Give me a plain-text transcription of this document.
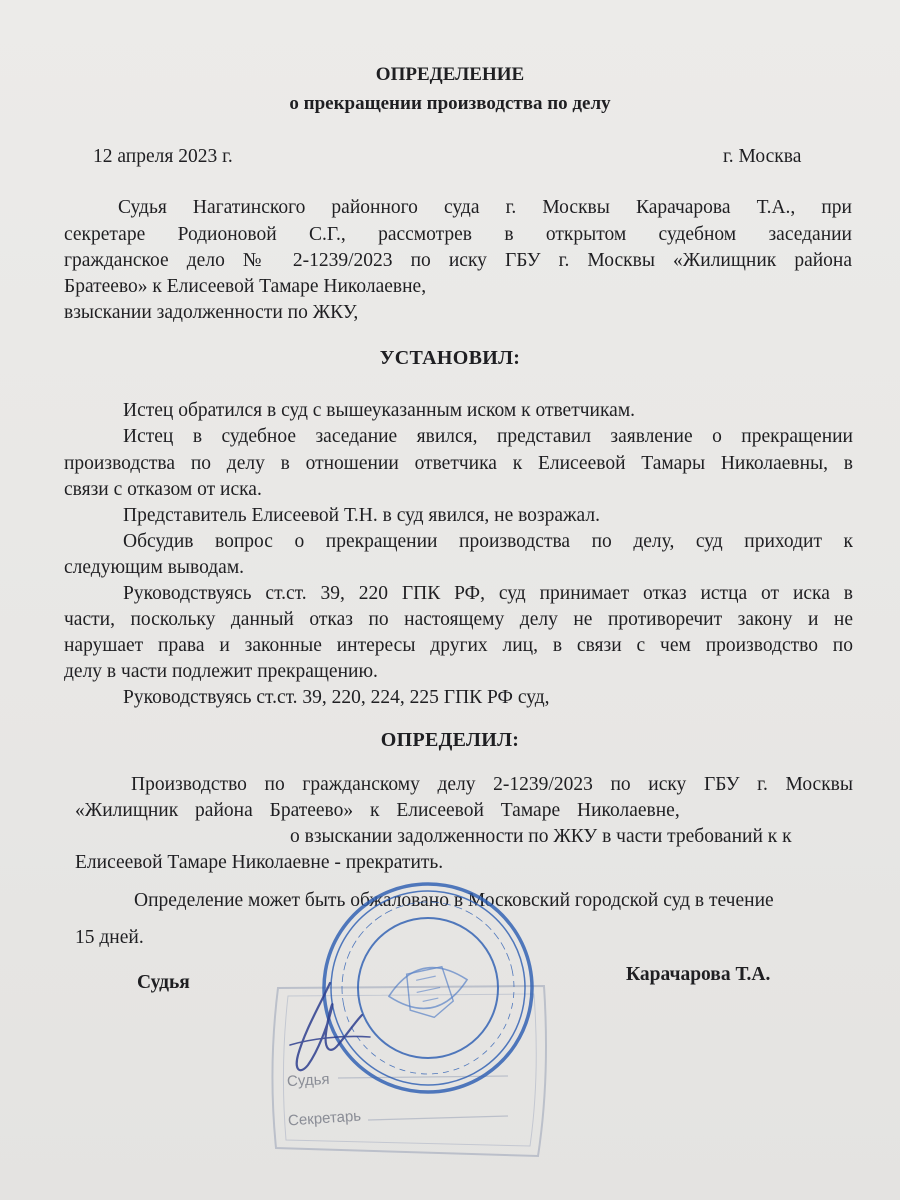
ОПРЕДЕЛЕНИЕ
о прекращении производства по делу
12 апреля 2023 г.	г. Москва
Судья Нагатинского районного суда г. Москвы Карачарова Т.А., при
секретаре Родионовой С.Г., рассмотрев в открытом судебном заседании
гражданское дело № 2-1239/2023 по иску ГБУ г. Москвы «Жилищник района
Братеево» к Елисеевой Тамаре Николаевне,
взыскании задолженности по ЖКУ,
УСТАНОВИЛ:
Истец обратился в суд с вышеуказанным иском к ответчикам.
Истец в судебное заседание явился, представил заявление о прекращении
производства по делу в отношении ответчика к Елисеевой Тамары Николаевны, в
связи с отказом от иска.
Представитель Елисеевой Т.Н. в суд явился, не возражал.
Обсудив вопрос о прекращении производства по делу, суд приходит к
следующим выводам.
Руководствуясь ст.ст. 39, 220 ГПК РФ, суд принимает отказ истца от иска в
части, поскольку данный отказ по настоящему делу не противоречит закону и не
нарушает права и законные интересы других лиц, в связи с чем производство по
делу в части подлежит прекращению.
Руководствуясь ст.ст. 39, 220, 224, 225 ГПК РФ суд,
ОПРЕДЕЛИЛ:
Производство по гражданскому делу 2-1239/2023 по иску ГБУ г. Москвы
«Жилищник района Братеево» к Елисеевой Тамаре Николаевне,
о взыскании задолженности по ЖКУ в части требований к к
Елисеевой Тамаре Николаевне - прекратить.
Определение может быть обжаловано в Московский городской суд в течение
15 дней.
Судья	Карачарова Т.А.
Судья
Секретарь
